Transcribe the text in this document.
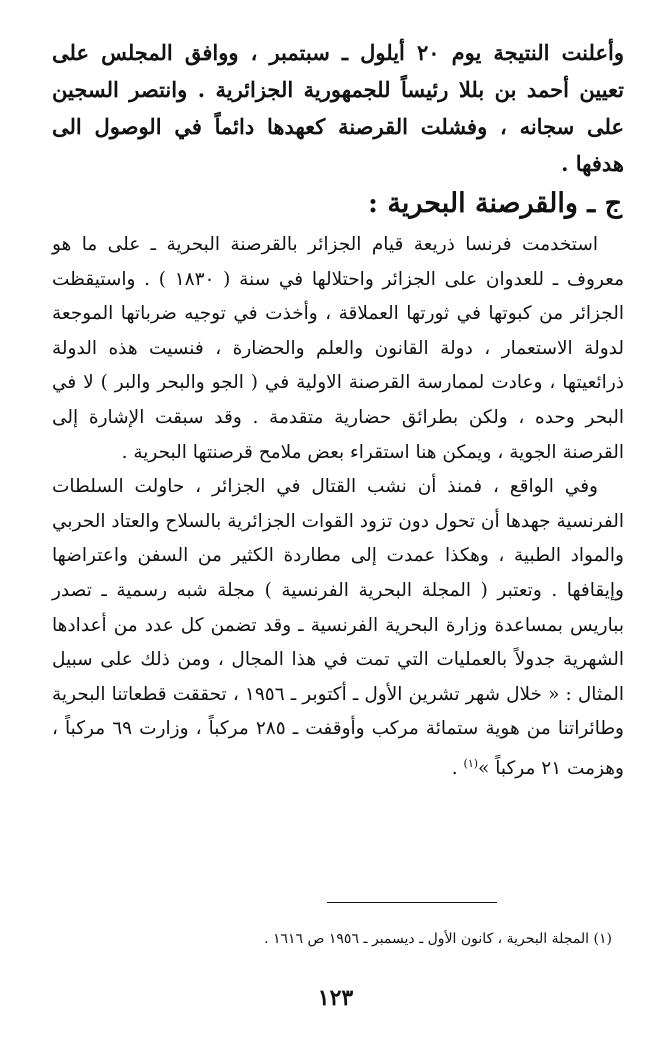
وأعلنت النتيجة يوم ٢٠ أيلول ـ سبتمبر ، ووافق المجلس على تعيين أحمد بن بللا رئيساً للجمهورية الجزائرية . وانتصر السجين على سجانه ، وفشلت القرصنة كعهدها دائماً في الوصول الى هدفها .

ج ـ والقرصنة البحرية :

استخدمت فرنسا ذريعة قيام الجزائر بالقرصنة البحرية ـ على ما هو معروف ـ للعدوان على الجزائر واحتلالها في سنة ( ١٨٣٠ ) . واستيقظت الجزائر من كبوتها في ثورتها العملاقة ، وأخذت في توجيه ضرباتها الموجعة لدولة الاستعمار ، دولة القانون والعلم والحضارة ، فنسيت هذه الدولة ذرائعيتها ، وعادت لممارسة القرصنة الاولية في ( الجو والبحر والبر ) لا في البحر وحده ، ولكن بطرائق حضارية متقدمة . وقد سبقت الإشارة إلى القرصنة الجوية ، ويمكن هنا استقراء بعض ملامح قرصنتها البحرية .

وفي الواقع ، فمنذ أن نشب القتال في الجزائر ، حاولت السلطات الفرنسية جهدها أن تحول دون تزود القوات الجزائرية بالسلاح والعتاد الحربي والمواد الطبية ، وهكذا عمدت إلى مطاردة الكثير من السفن واعتراضها وإيقافها . وتعتبر ( المجلة البحرية الفرنسية ) مجلة شبه رسمية ـ تصدر بباريس بمساعدة وزارة البحرية الفرنسية ـ وقد تضمن كل عدد من أعدادها الشهرية جدولاً بالعمليات التي تمت في هذا المجال ، ومن ذلك على سبيل المثال : « خلال شهر تشرين الأول ـ أكتوبر ـ ١٩٥٦ ، تحققت قطعاتنا البحرية وطائراتنا من هوية ستمائة مركب وأوقفت ـ ٢٨٥ مركباً ، وزارت ٦٩ مركباً ، وهزمت ٢١ مركباً »$^{(١)}$ .

(١) المجلة البحرية ، كانون الأول ـ ديسمبر ـ ١٩٥٦ ص ١٦١٦ .
١٢٣
